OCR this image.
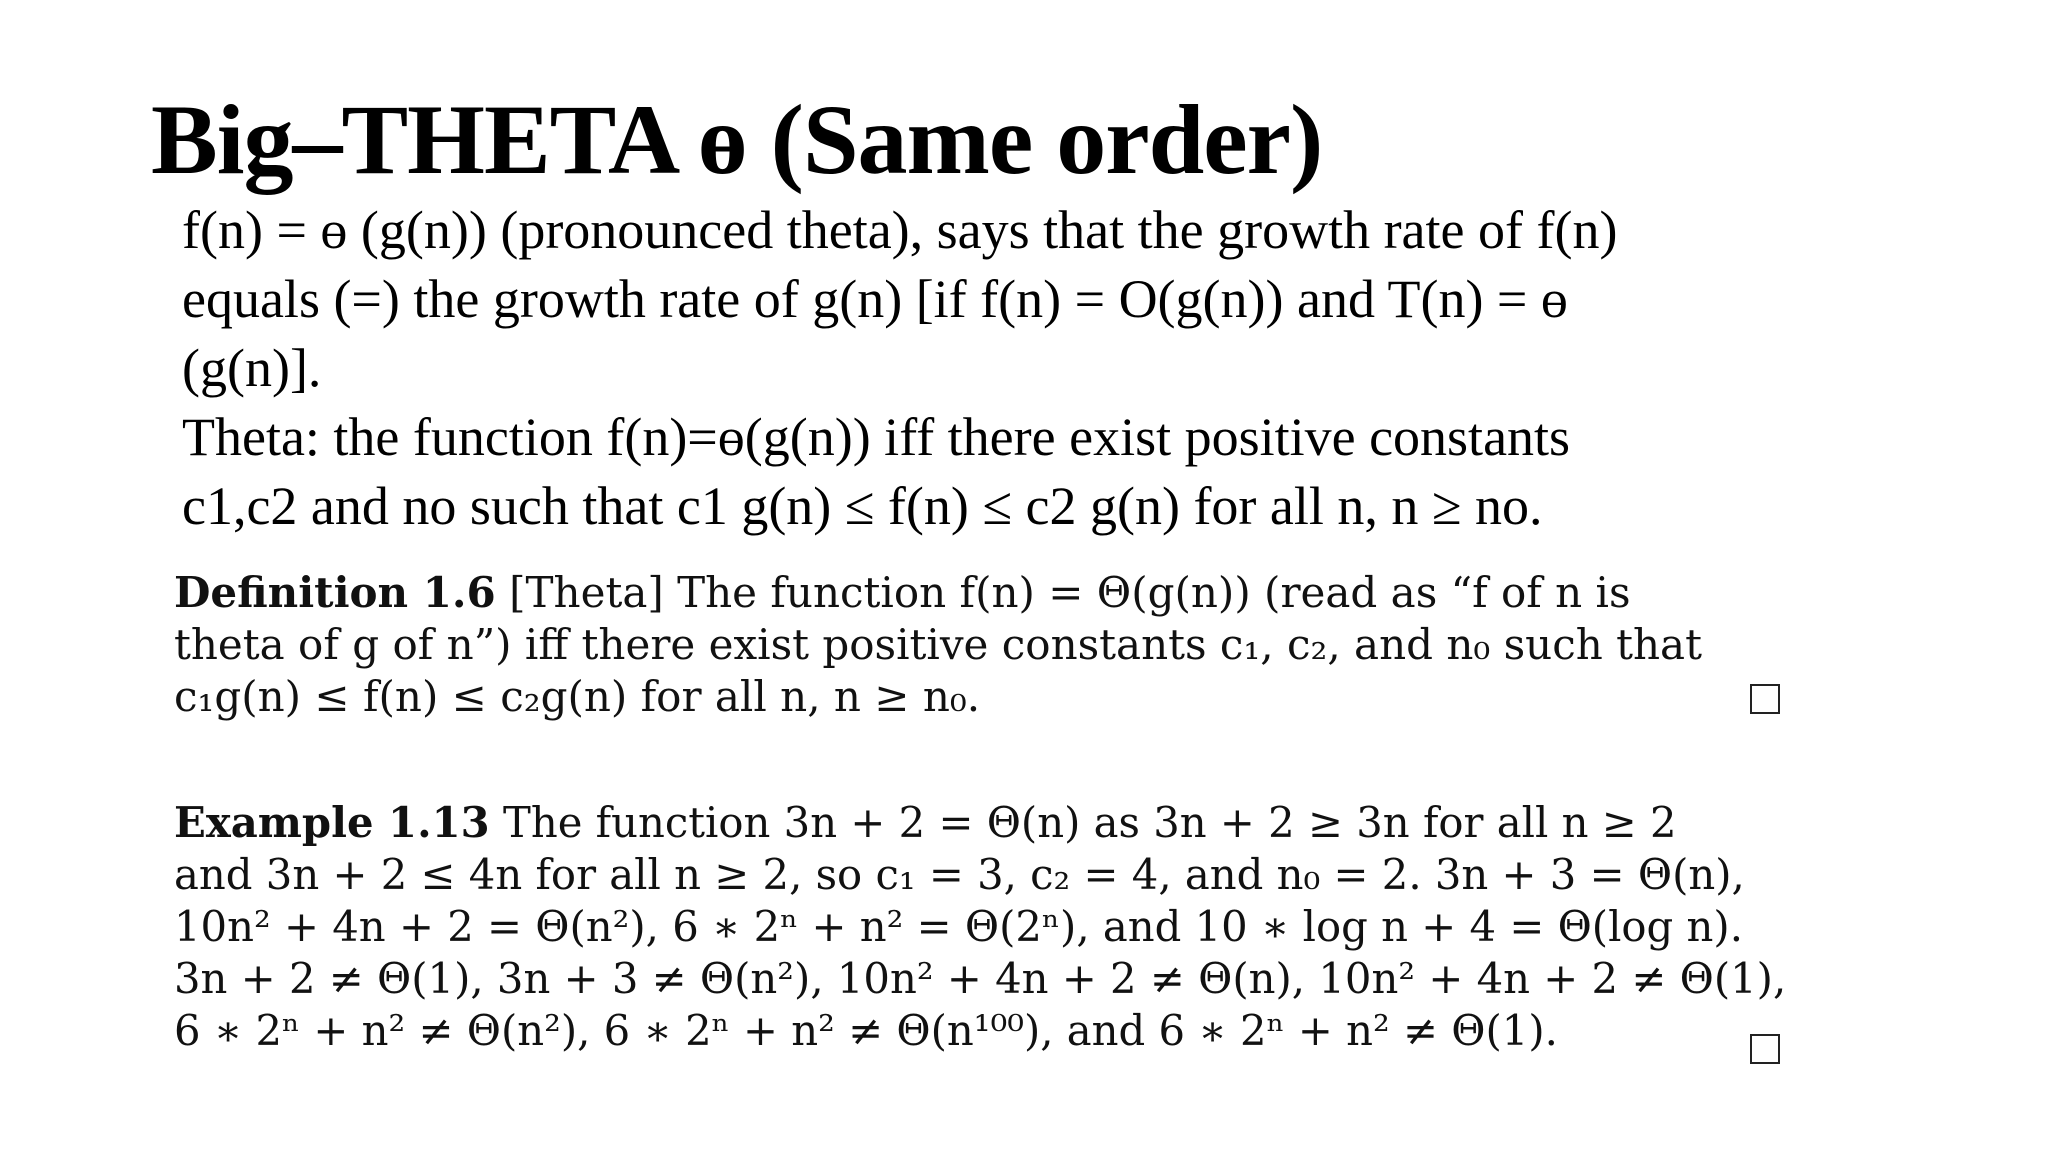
Big–THETA ɵ (Same order)

f(n) = ɵ (g(n)) (pronounced theta), says that the growth rate of f(n)

equals (=) the growth rate of g(n) [if f(n) = O(g(n)) and T(n) = ɵ

(g(n)].

Theta: the function f(n)=ɵ(g(n)) iff there exist positive constants

c1,c2 and no such that c1 g(n) ≤ f(n) ≤ c2 g(n) for all n, n ≥ no.

Definition 1.6 [Theta] The function f(n) = Θ(g(n)) (read as “f of n is
theta of g of n”) iff there exist positive constants c₁, c₂, and n₀ such that
c₁g(n) ≤ f(n) ≤ c₂g(n) for all n, n ≥ n₀.
Example 1.13 The function 3n + 2 = Θ(n) as 3n + 2 ≥ 3n for all n ≥ 2
and 3n + 2 ≤ 4n for all n ≥ 2, so c₁ = 3, c₂ = 4, and n₀ = 2. 3n + 3 = Θ(n),
10n² + 4n + 2 = Θ(n²), 6 ∗ 2ⁿ + n² = Θ(2ⁿ), and 10 ∗ log n + 4 = Θ(log n).
3n + 2 ≠ Θ(1), 3n + 3 ≠ Θ(n²), 10n² + 4n + 2 ≠ Θ(n), 10n² + 4n + 2 ≠ Θ(1),
6 ∗ 2ⁿ + n² ≠ Θ(n²), 6 ∗ 2ⁿ + n² ≠ Θ(n¹⁰⁰), and 6 ∗ 2ⁿ + n² ≠ Θ(1).
